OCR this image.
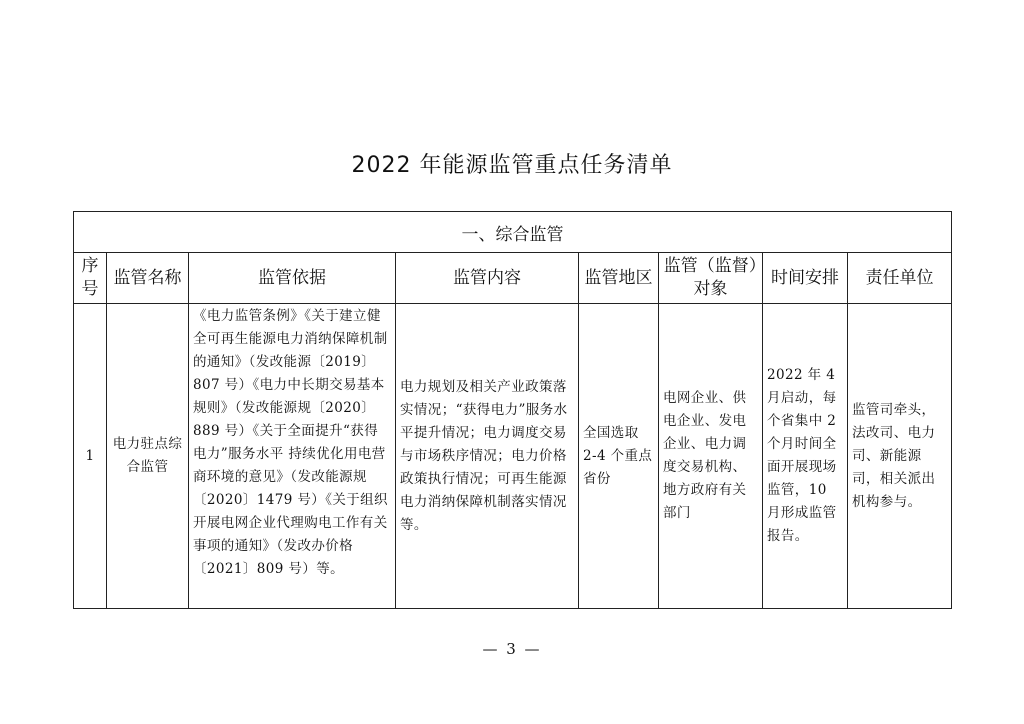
2022 年能源监管重点任务清单
一、综合监管							
序号	监管名称	监管依据	监管内容	监管地区	监管（监督）对象	时间安排	责任单位
1	电力驻点综合监管	《电力监管条例》《关于建立健全可再生能源电力消纳保障机制的通知》（发改能源〔2019〕807 号）《电力中长期交易基本规则》（发改能源规〔2020〕889 号）《关于全面提升“获得电力”服务水平 持续优化用电营商环境的意见》（发改能源规〔2020〕1479 号）《关于组织开展电网企业代理购电工作有关事项的通知》（发改办价格〔2021〕809 号）等。	电力规划及相关产业政策落实情况；“获得电力”服务水平提升情况；电力调度交易与市场秩序情况；电力价格政策执行情况；可再生能源电力消纳保障机制落实情况等。	全国选取 2-4 个重点省份	电网企业、供电企业、发电企业、电力调度交易机构、地方政府有关部门	2022 年 4 月启动，每个省集中 2 个月时间全面开展现场监管，10 月形成监管报告。	监管司牵头，法改司、电力司、新能源司，相关派出机构参与。
— 3 —
